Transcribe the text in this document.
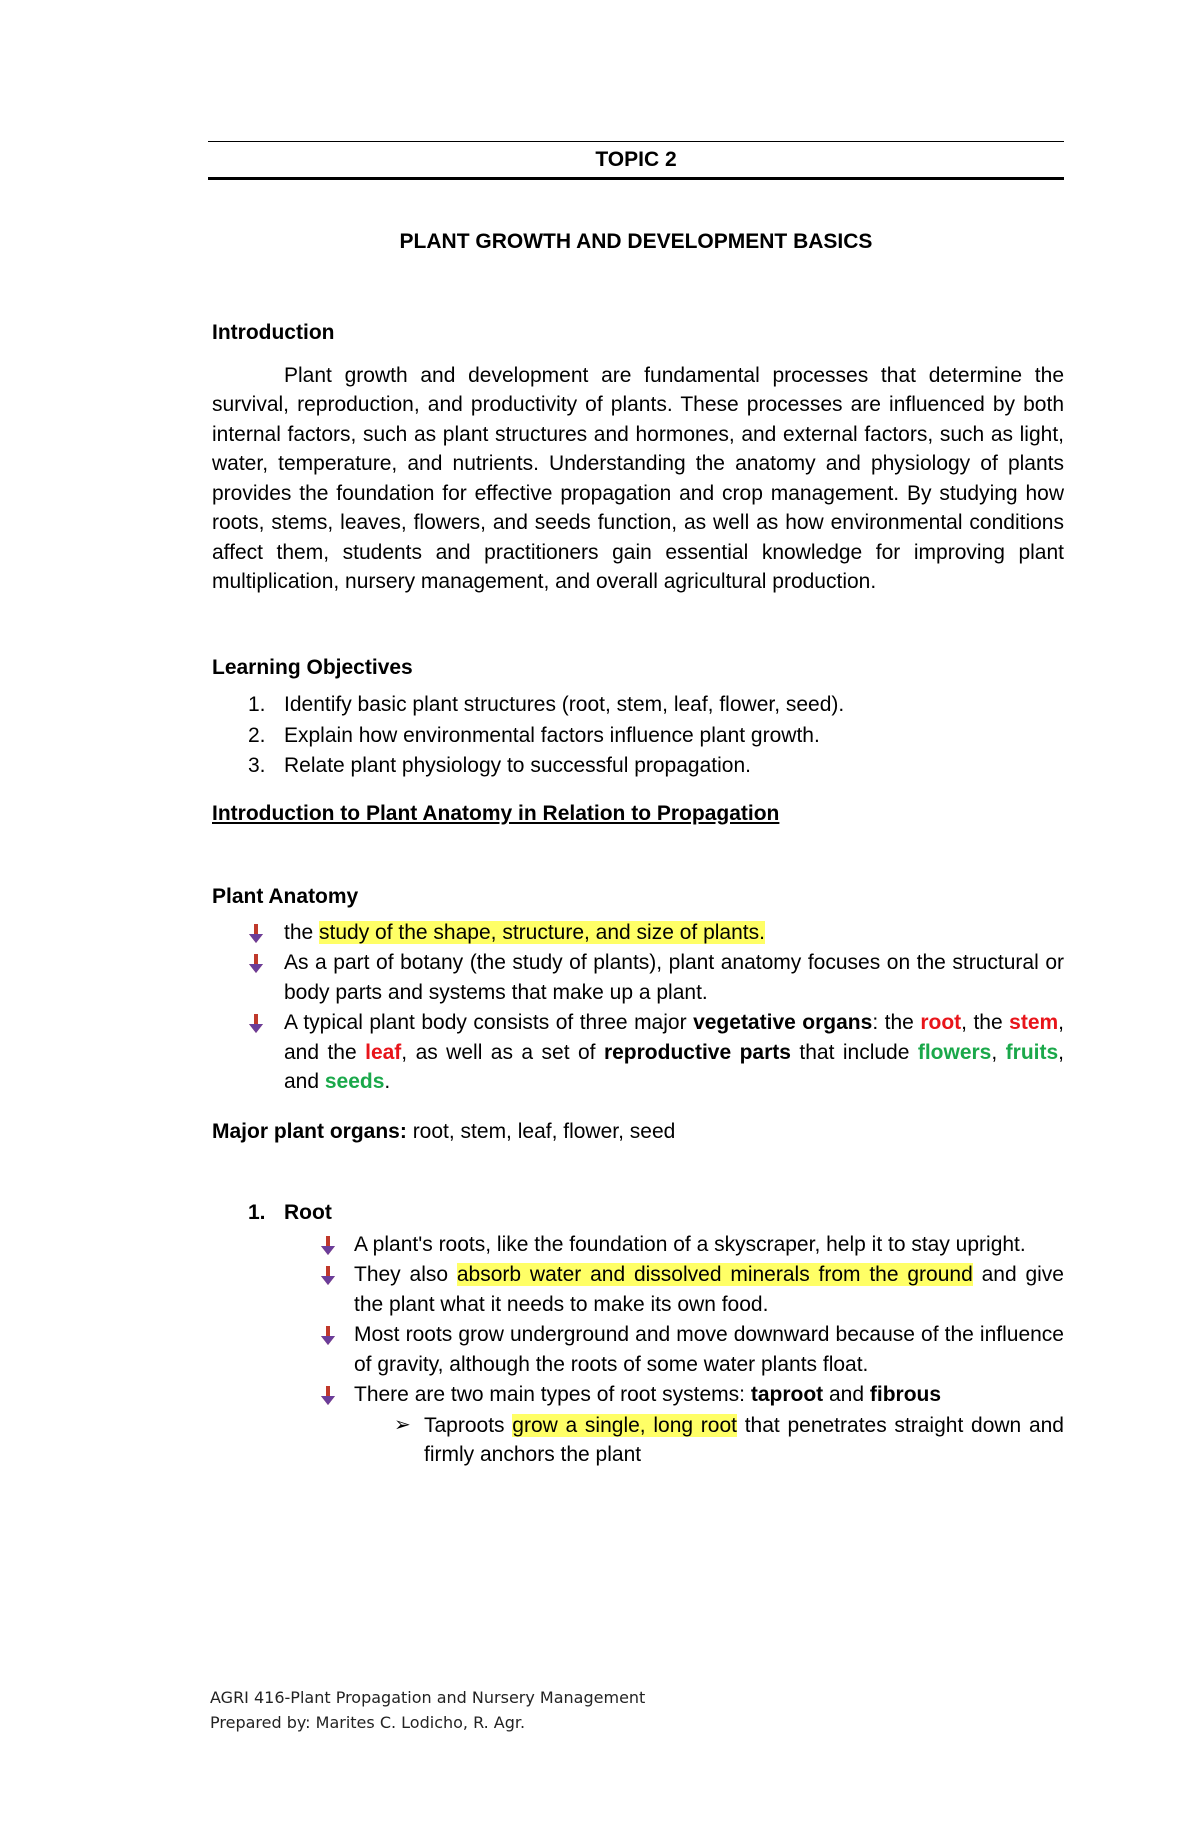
TOPIC 2
PLANT GROWTH AND DEVELOPMENT BASICS
Introduction

Plant growth and development are fundamental processes that determine the survival, reproduction, and productivity of plants. These processes are influenced by both internal factors, such as plant structures and hormones, and external factors, such as light, water, temperature, and nutrients. Understanding the anatomy and physiology of plants provides the foundation for effective propagation and crop management. By studying how roots, stems, leaves, flowers, and seeds function, as well as how environmental conditions affect them, students and practitioners gain essential knowledge for improving plant multiplication, nursery management, and overall agricultural production.

Learning Objectives
1. Identify basic plant structures (root, stem, leaf, flower, seed).
2. Explain how environmental factors influence plant growth.
3. Relate plant physiology to successful propagation.
Introduction to Plant Anatomy in Relation to Propagation
Plant Anatomy
the study of the shape, structure, and size of plants.
As a part of botany (the study of plants), plant anatomy focuses on the structural or body parts and systems that make up a plant.
A typical plant body consists of three major vegetative organs: the root, the stem, and the leaf, as well as a set of reproductive parts that include flowers, fruits, and seeds.
Major plant organs: root, stem, leaf, flower, seed
1. Root
A plant's roots, like the foundation of a skyscraper, help it to stay upright.
They also absorb water and dissolved minerals from the ground and give the plant what it needs to make its own food.
Most roots grow underground and move downward because of the influence of gravity, although the roots of some water plants float.
There are two main types of root systems: taproot and fibrous
➢ Taproots grow a single, long root that penetrates straight down and firmly anchors the plant
AGRI 416-Plant Propagation and Nursery Management
Prepared by: Marites C. Lodicho, R. Agr.
